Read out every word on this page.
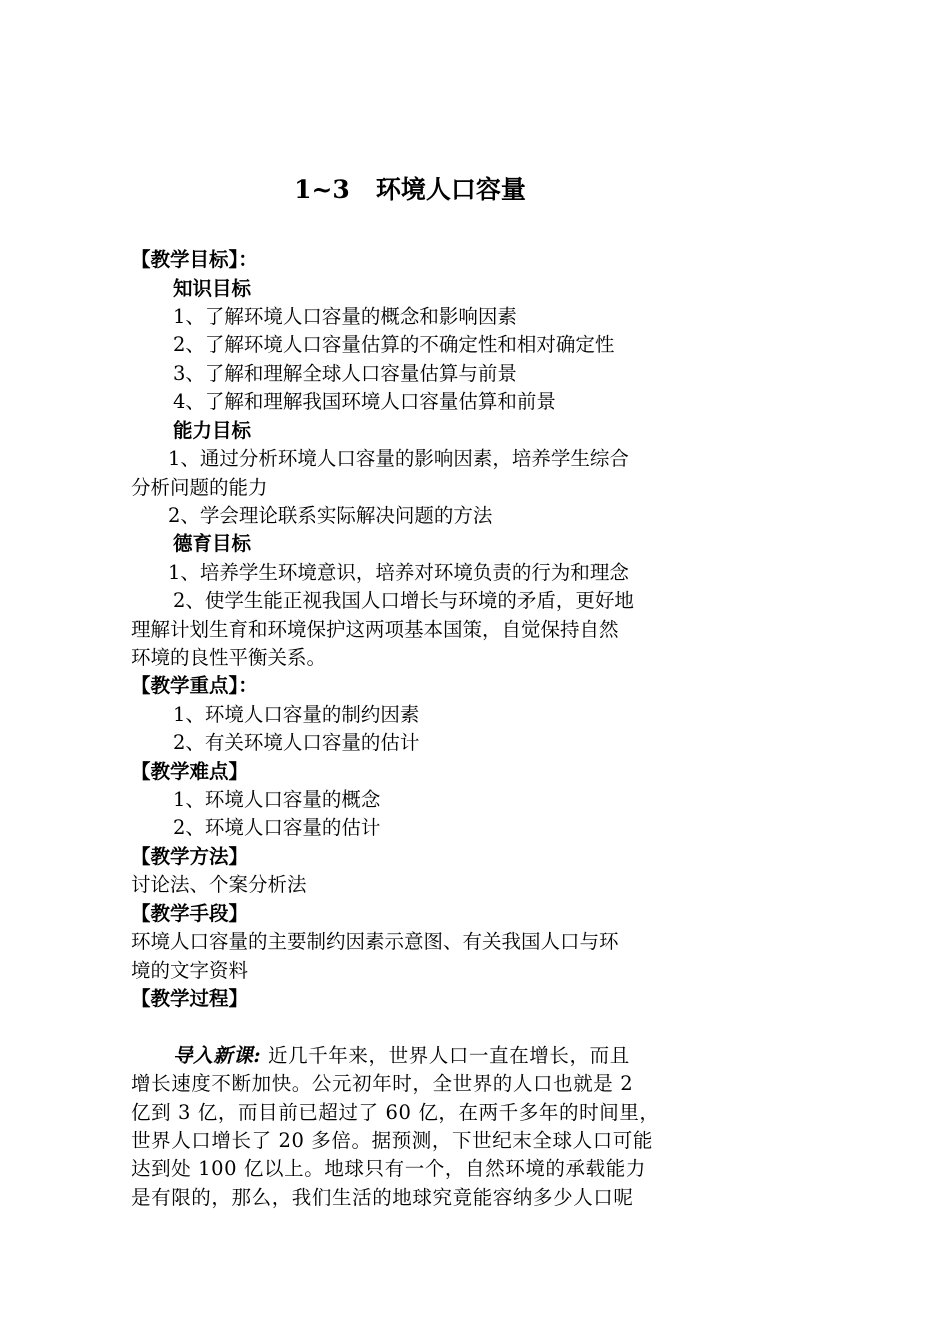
1~3   环境人口容量
【教学目标】：
知识目标
1、了解环境人口容量的概念和影响因素
2、了解环境人口容量估算的不确定性和相对确定性
3、了解和理解全球人口容量估算与前景
4、了解和理解我国环境人口容量估算和前景
能力目标
1、通过分析环境人口容量的影响因素，培养学生综合
分析问题的能力
2、学会理论联系实际解决问题的方法
德育目标
1、培养学生环境意识，培养对环境负责的行为和理念
2、使学生能正视我国人口增长与环境的矛盾，更好地
理解计划生育和环境保护这两项基本国策，自觉保持自然
环境的良性平衡关系。
【教学重点】：
1、环境人口容量的制约因素
2、有关环境人口容量的估计
【教学难点】
1、环境人口容量的概念
2、环境人口容量的估计
【教学方法】
讨论法、个案分析法
【教学手段】
环境人口容量的主要制约因素示意图、有关我国人口与环
境的文字资料
【教学过程】
导入新课: 近几千年来，世界人口一直在增长，而且
增长速度不断加快。公元初年时，全世界的人口也就是 2
亿到 3 亿，而目前已超过了 60 亿，在两千多年的时间里，
世界人口增长了 20 多倍。据预测，下世纪末全球人口可能
达到处 100 亿以上。地球只有一个，自然环境的承载能力
是有限的，那么，我们生活的地球究竟能容纳多少人口呢
